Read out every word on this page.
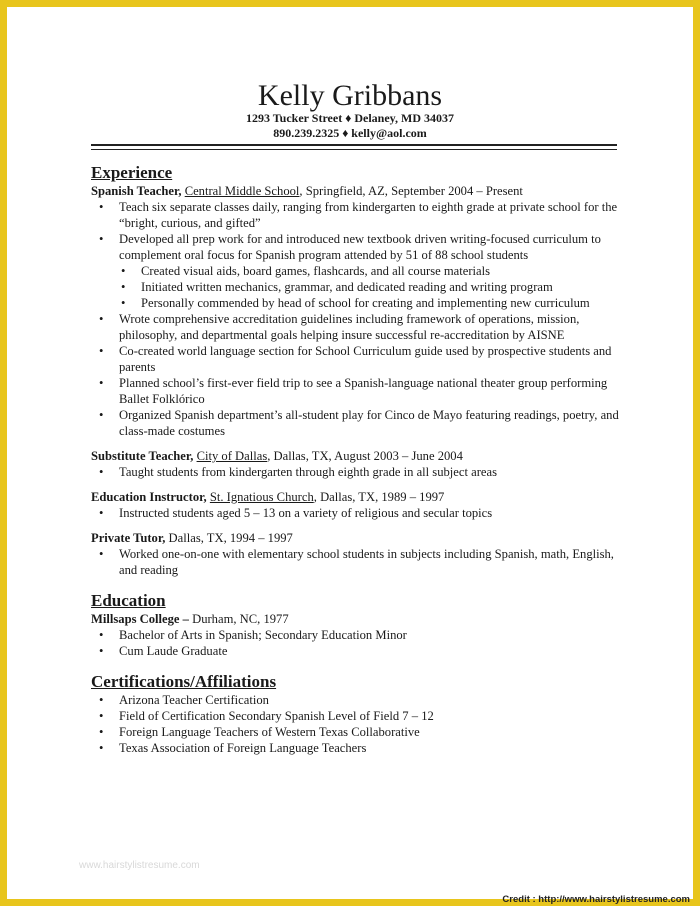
Kelly Gribbans
1293 Tucker Street ♦ Delaney, MD 34037
890.239.2325 ♦ kelly@aol.com
Experience
Spanish Teacher, Central Middle School, Springfield, AZ, September 2004 – Present
• Teach six separate classes daily, ranging from kindergarten to eighth grade at private school for the “bright, curious, and gifted”
• Developed all prep work for and introduced new textbook driven writing-focused curriculum to complement oral focus for Spanish program attended by 51 of 88 school students
• Created visual aids, board games, flashcards, and all course materials
• Initiated written mechanics, grammar, and dedicated reading and writing program
• Personally commended by head of school for creating and implementing new curriculum
• Wrote comprehensive accreditation guidelines including framework of operations, mission, philosophy, and departmental goals helping insure successful re-accreditation by AISNE
• Co-created world language section for School Curriculum guide used by prospective students and parents
• Planned school’s first-ever field trip to see a Spanish-language national theater group performing Ballet Folklórico
• Organized Spanish department’s all-student play for Cinco de Mayo featuring readings, poetry, and class-made costumes
Substitute Teacher, City of Dallas, Dallas, TX, August 2003 – June 2004
• Taught students from kindergarten through eighth grade in all subject areas
Education Instructor, St. Ignatious Church, Dallas, TX, 1989 – 1997
• Instructed students aged 5 – 13 on a variety of religious and secular topics
Private Tutor, Dallas, TX, 1994 – 1997
• Worked one-on-one with elementary school students in subjects including Spanish, math, English, and reading
Education
Millsaps College – Durham, NC, 1977
• Bachelor of Arts in Spanish; Secondary Education Minor
• Cum Laude Graduate
Certifications/Affiliations
• Arizona Teacher Certification
• Field of Certification Secondary Spanish Level of Field 7 – 12
• Foreign Language Teachers of Western Texas Collaborative
• Texas Association of Foreign Language Teachers
www.hairstylistresume.com
Credit : http://www.hairstylistresume.com
